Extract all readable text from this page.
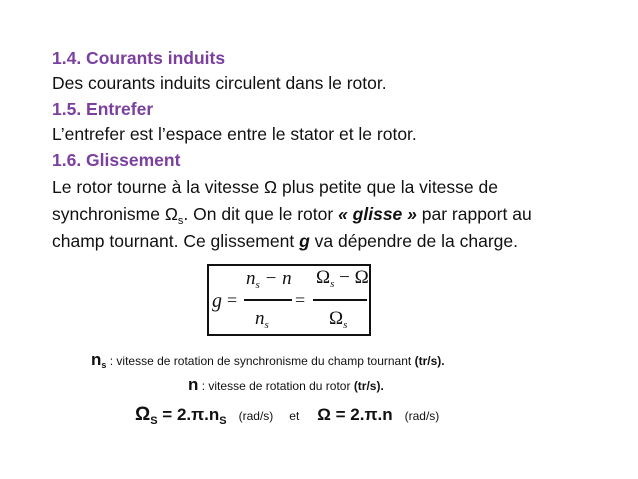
1.4. Courants induits
Des courants induits circulent dans le rotor.
1.5. Entrefer
L’entrefer est l’espace entre le stator et le rotor.
1.6. Glissement
Le rotor tourne à la vitesse Ω plus petite que la vitesse de
synchronisme $\Omega_s$. On dit que le rotor « glisse » par rapport au
champ tournant. Ce glissement g va dépendre de la charge.
g =
$n_s - n$
$n_s$
=
$\Omega_s - \Omega$
$\Omega_s$
$n_s$ : vitesse de rotation de synchronisme du champ tournant (tr/s).
n : vitesse de rotation du rotor (tr/s).
$\Omega_S = 2.\pi.n_S$ (rad/s) et Ω = 2.π.n (rad/s)
